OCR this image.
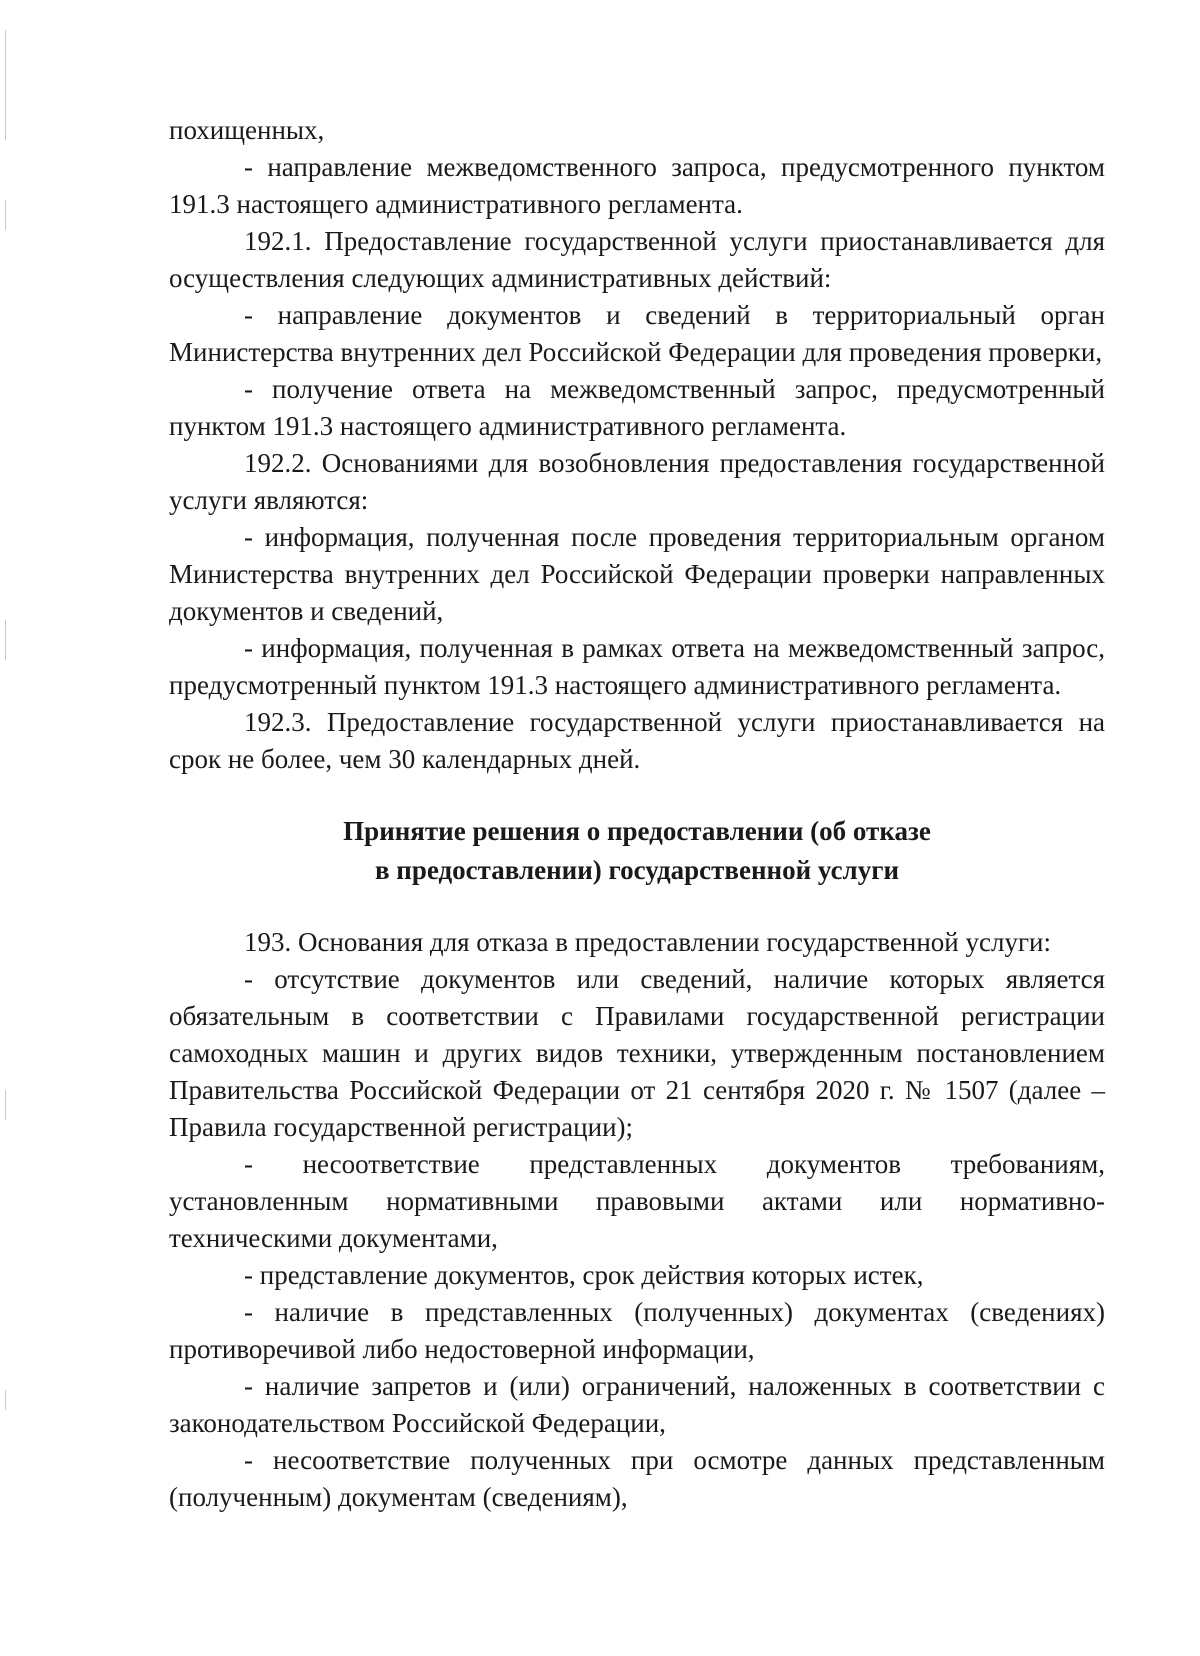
похищенных,

- направление межведомственного запроса, предусмотренного пунктом 191.3 настоящего административного регламента.

192.1. Предоставление государственной услуги приостанавливается для осуществления следующих административных действий:

- направление документов и сведений в территориальный орган Министерства внутренних дел Российской Федерации для проведения проверки,

- получение ответа на межведомственный запрос, предусмотренный пунктом 191.3 настоящего административного регламента.

192.2. Основаниями для возобновления предоставления государственной услуги являются:

- информация, полученная после проведения территориальным органом Министерства внутренних дел Российской Федерации проверки направленных документов и сведений,

- информация, полученная в рамках ответа на межведомственный запрос, предусмотренный пунктом 191.3 настоящего административного регламента.

192.3. Предоставление государственной услуги приостанавливается на срок не более, чем 30 календарных дней.

Принятие решения о предоставлении (об отказе
в предоставлении) государственной услуги

193. Основания для отказа в предоставлении государственной услуги:

- отсутствие документов или сведений, наличие которых является обязательным в соответствии с Правилами государственной регистрации самоходных машин и других видов техники, утвержденным постановлением Правительства Российской Федерации от 21 сентября 2020 г. № 1507 (далее – Правила государственной регистрации);

- несоответствие представленных документов требованиям, установленным нормативными правовыми актами или нормативно-техническими документами,

- представление документов, срок действия которых истек,

- наличие в представленных (полученных) документах (сведениях) противоречивой либо недостоверной информации,

- наличие запретов и (или) ограничений, наложенных в соответствии с законодательством Российской Федерации,

- несоответствие полученных при осмотре данных представленным (полученным) документам (сведениям),
